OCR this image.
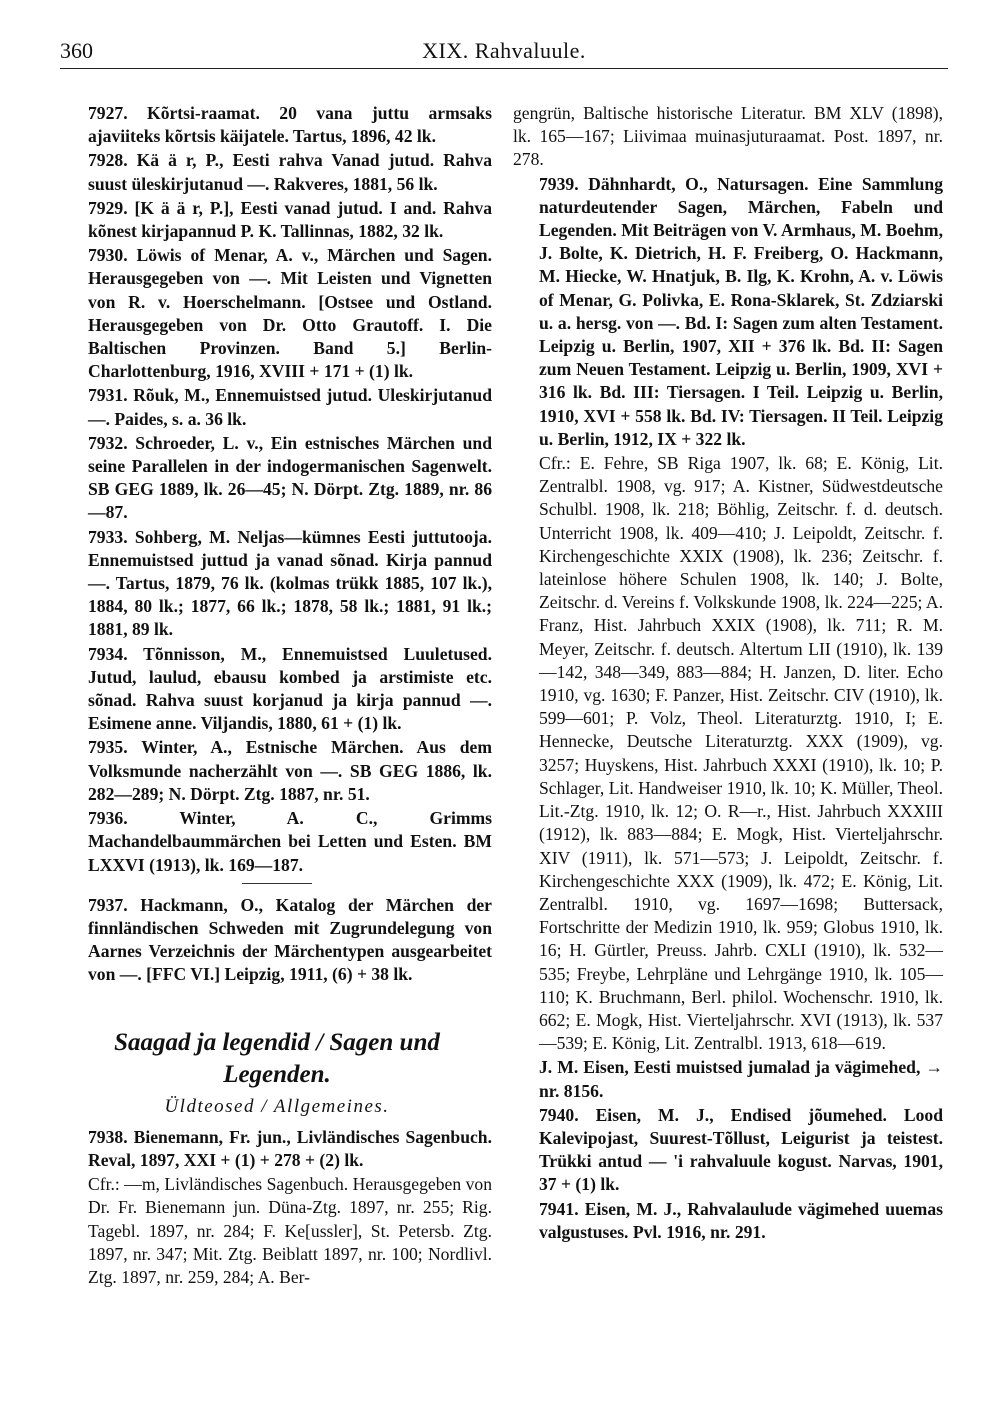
360	XIX. Rahvaluule.

7927. Kõrtsi-raamat. 20 vana juttu armsaks ajaviiteks kõrtsis käijatele. Tartus, 1896, 42 lk.

7928. Kä ä r, P., Eesti rahva Vanad jutud. Rahva suust üleskirjutanud —. Rakveres, 1881, 56 lk.

7929. [K ä ä r, P.], Eesti vanad jutud. I and. Rahva kõnest kirjapannud P. K. Tallinnas, 1882, 32 lk.

7930. Löwis of Menar, A. v., Märchen und Sagen. Herausgegeben von —. Mit Leisten und Vignetten von R. v. Hoerschelmann. [Ostsee und Ostland. Herausgegeben von Dr. Otto Grautoff. I. Die Baltischen Provinzen. Band 5.] Berlin-Charlottenburg, 1916, XVIII + 171 + (1) lk.

7931. Rõuk, M., Ennemuistsed jutud. Uleskirjutanud —. Paides, s. a. 36 lk.

7932. Schroeder, L. v., Ein estnisches Märchen und seine Parallelen in der indogermanischen Sagenwelt. SB GEG 1889, lk. 26—45; N. Dörpt. Ztg. 1889, nr. 86—87.

7933. Sohberg, M. Neljas—kümnes Eesti juttutooja. Ennemuistsed juttud ja vanad sõnad. Kirja pannud —. Tartus, 1879, 76 lk. (kolmas trükk 1885, 107 lk.), 1884, 80 lk.; 1877, 66 lk.; 1878, 58 lk.; 1881, 91 lk.; 1881, 89 lk.

7934. Tõnnisson, M., Ennemuistsed Luuletused. Jutud, laulud, ebausu kombed ja arstimiste etc. sõnad. Rahva suust korjanud ja kirja pannud —. Esimene anne. Viljandis, 1880, 61 + (1) lk.

7935. Winter, A., Estnische Märchen. Aus dem Volksmunde nacherzählt von —. SB GEG 1886, lk. 282—289; N. Dörpt. Ztg. 1887, nr. 51.

7936. Winter, A. C., Grimms Machandelbaummärchen bei Letten und Esten. BM LXXVI (1913), lk. 169—187.

7937. Hackmann, O., Katalog der Märchen der finnländischen Schweden mit Zugrundelegung von Aarnes Verzeichnis der Märchentypen ausgearbeitet von —. [FFC VI.] Leipzig, 1911, (6) + 38 lk.

Saagad ja legendid / Sagen und Legenden.
Üldteosed / Allgemeines.

7938. Bienemann, Fr. jun., Livländisches Sagenbuch. Reval, 1897, XXI + (1) + 278 + (2) lk.

Cfr.: —m, Livländisches Sagenbuch. Herausgegeben von Dr. Fr. Bienemann jun. Düna-Ztg. 1897, nr. 255; Rig. Tagebl. 1897, nr. 284; F. Ke[ussler], St. Petersb. Ztg. 1897, nr. 347; Mit. Ztg. Beiblatt 1897, nr. 100; Nordlivl. Ztg. 1897, nr. 259, 284; A. Ber-

gengrün, Baltische historische Literatur. BM XLV (1898), lk. 165—167; Liivimaa muinasjuturaamat. Post. 1897, nr. 278.

7939. Dähnhardt, O., Natursagen. Eine Sammlung naturdeutender Sagen, Märchen, Fabeln und Legenden. Mit Beiträgen von V. Armhaus, M. Boehm, J. Bolte, K. Dietrich, H. F. Freiberg, O. Hackmann, M. Hiecke, W. Hnatjuk, B. Ilg, K. Krohn, A. v. Löwis of Menar, G. Polivka, E. Rona-Sklarek, St. Zdziarski u. a. hersg. von —. Bd. I: Sagen zum alten Testament. Leipzig u. Berlin, 1907, XII + 376 lk. Bd. II: Sagen zum Neuen Testament. Leipzig u. Berlin, 1909, XVI + 316 lk. Bd. III: Tiersagen. I Teil. Leipzig u. Berlin, 1910, XVI + 558 lk. Bd. IV: Tiersagen. II Teil. Leipzig u. Berlin, 1912, IX + 322 lk.

Cfr.: E. Fehre, SB Riga 1907, lk. 68; E. König, Lit. Zentralbl. 1908, vg. 917; A. Kistner, Südwestdeutsche Schulbl. 1908, lk. 218; Böhlig, Zeitschr. f. d. deutsch. Unterricht 1908, lk. 409—410; J. Leipoldt, Zeitschr. f. Kirchengeschichte XXIX (1908), lk. 236; Zeitschr. f. lateinlose höhere Schulen 1908, lk. 140; J. Bolte, Zeitschr. d. Vereins f. Volkskunde 1908, lk. 224—225; A. Franz, Hist. Jahrbuch XXIX (1908), lk. 711; R. M. Meyer, Zeitschr. f. deutsch. Altertum LII (1910), lk. 139—142, 348—349, 883—884; H. Janzen, D. liter. Echo 1910, vg. 1630; F. Panzer, Hist. Zeitschr. CIV (1910), lk. 599—601; P. Volz, Theol. Literaturztg. 1910, I; E. Hennecke, Deutsche Literaturztg. XXX (1909), vg. 3257; Huyskens, Hist. Jahrbuch XXXI (1910), lk. 10; P. Schlager, Lit. Handweiser 1910, lk. 10; K. Müller, Theol. Lit.-Ztg. 1910, lk. 12; O. R—r., Hist. Jahrbuch XXXIII (1912), lk. 883—884; E. Mogk, Hist. Vierteljahrschr. XIV (1911), lk. 571—573; J. Leipoldt, Zeitschr. f. Kirchengeschichte XXX (1909), lk. 472; E. König, Lit. Zentralbl. 1910, vg. 1697—1698; Buttersack, Fortschritte der Medizin 1910, lk. 959; Globus 1910, lk. 16; H. Gürtler, Preuss. Jahrb. CXLI (1910), lk. 532—535; Freybe, Lehrpläne und Lehrgänge 1910, lk. 105—110; K. Bruchmann, Berl. philol. Wochenschr. 1910, lk. 662; E. Mogk, Hist. Vierteljahrschr. XVI (1913), lk. 537—539; E. König, Lit. Zentralbl. 1913, 618—619.

J. M. Eisen, Eesti muistsed jumalad ja vägimehed, → nr. 8156.

7940. Eisen, M. J., Endised jõumehed. Lood Kalevipojast, Suurest-Tõllust, Leigurist ja teistest. Trükki antud — 'i rahvaluule kogust. Narvas, 1901, 37 + (1) lk.

7941. Eisen, M. J., Rahvalaulude vägimehed uuemas valgustuses. Pvl. 1916, nr. 291.
